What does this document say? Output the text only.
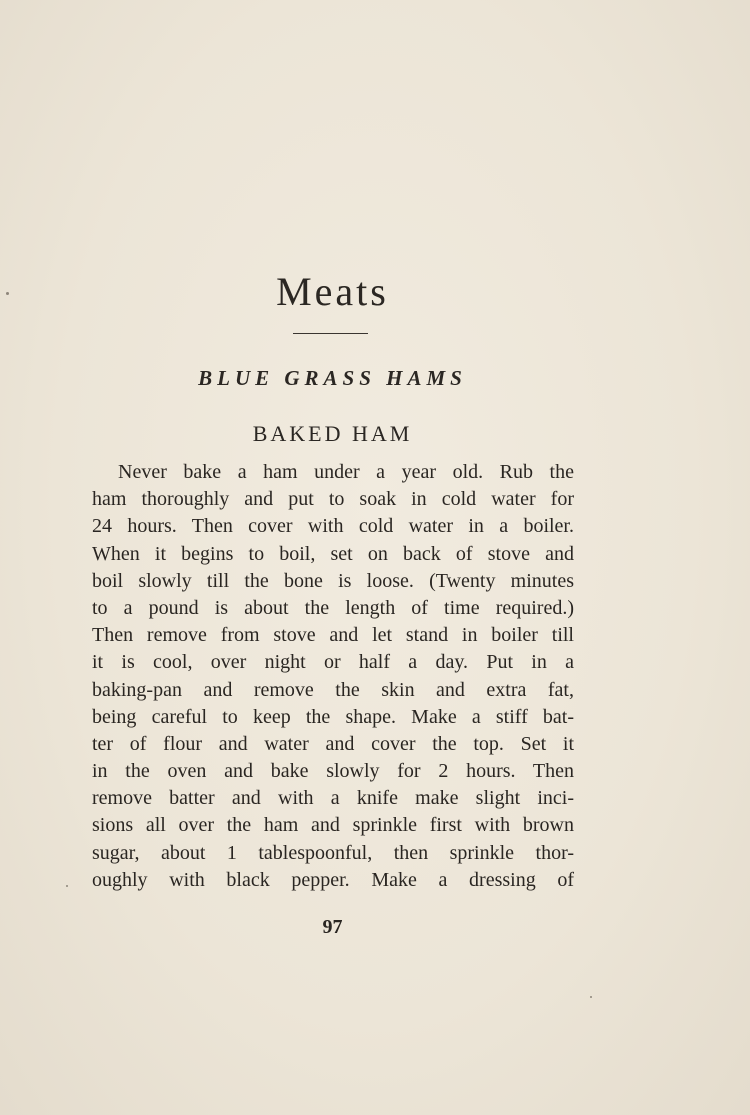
Meats
BLUE GRASS HAMS
BAKED HAM
Never bake a ham under a year old. Rub the
ham thoroughly and put to soak in cold water for
24 hours. Then cover with cold water in a boiler.
When it begins to boil, set on back of stove and
boil slowly till the bone is loose. (Twenty minutes
to a pound is about the length of time required.)
Then remove from stove and let stand in boiler till
it is cool, over night or half a day. Put in a
baking-pan and remove the skin and extra fat,
being careful to keep the shape. Make a stiff bat-
ter of flour and water and cover the top. Set it
in the oven and bake slowly for 2 hours. Then
remove batter and with a knife make slight inci-
sions all over the ham and sprinkle first with brown
sugar, about 1 tablespoonful, then sprinkle thor-
oughly with black pepper. Make a dressing of
97
